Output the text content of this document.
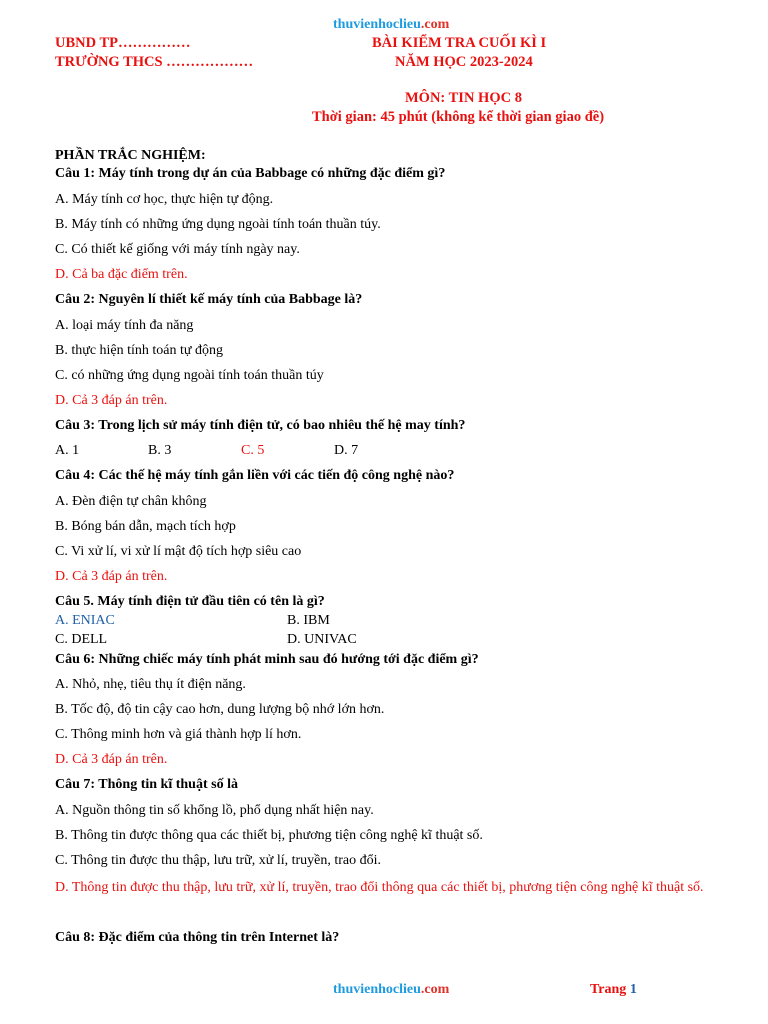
thuvienhoclieu.com
UBND TP……………
TRƯỜNG THCS ………………
BÀI KIỂM TRA CUỐI KÌ I
NĂM HỌC 2023-2024
MÔN: TIN HỌC 8
Thời gian: 45 phút (không kể thời gian giao đề)
PHẦN TRẮC NGHIỆM:
Câu 1: Máy tính trong dự án của Babbage có những đặc điểm gì?
A. Máy tính cơ học, thực hiện tự động.
B. Máy tính có những ứng dụng ngoài tính toán thuần túy.
C. Có thiết kế giống với máy tính ngày nay.
D. Cả ba đặc điểm trên.
Câu 2: Nguyên lí thiết kế máy tính của Babbage là?
A. loại máy tính đa năng
B. thực hiện tính toán tự động
C. có những ứng dụng ngoài tính toán thuần túy
D. Cả 3 đáp án trên.
Câu 3: Trong lịch sử máy tính điện tử, có bao nhiêu thế hệ may tính?
A. 1	B. 3	C. 5	D. 7
Câu 4: Các thế hệ máy tính gắn liền với các tiến độ công nghệ nào?
A. Đèn điện tự chân không
B. Bóng bán dẫn, mạch tích hợp
C. Vi xử lí, vi xử lí mật độ tích hợp siêu cao
D. Cả 3 đáp án trên.
Câu 5. Máy tính điện tử đầu tiên có tên là gì?
A. ENIAC	B. IBM
C. DELL	D. UNIVAC
Câu 6: Những chiếc máy tính phát minh sau đó hướng tới đặc điểm gì?
A. Nhỏ, nhẹ, tiêu thụ ít điện năng.
B. Tốc độ, độ tin cậy cao hơn, dung lượng bộ nhớ lớn hơn.
C. Thông minh hơn và giá thành hợp lí hơn.
D. Cả 3 đáp án trên.
Câu 7: Thông tin kĩ thuật số là
A. Nguồn thông tin số khổng lồ, phổ dụng nhất hiện nay.
B. Thông tin được thông qua các thiết bị, phương tiện công nghệ kĩ thuật số.
C. Thông tin được thu thập, lưu trữ, xử lí, truyền, trao đổi.
D. Thông tin được thu thập, lưu trữ, xử lí, truyền, trao đổi thông qua các thiết bị, phương tiện công nghệ kĩ thuật số.
Câu 8: Đặc điểm của thông tin trên Internet là?
thuvienhoclieu.com	Trang 1
